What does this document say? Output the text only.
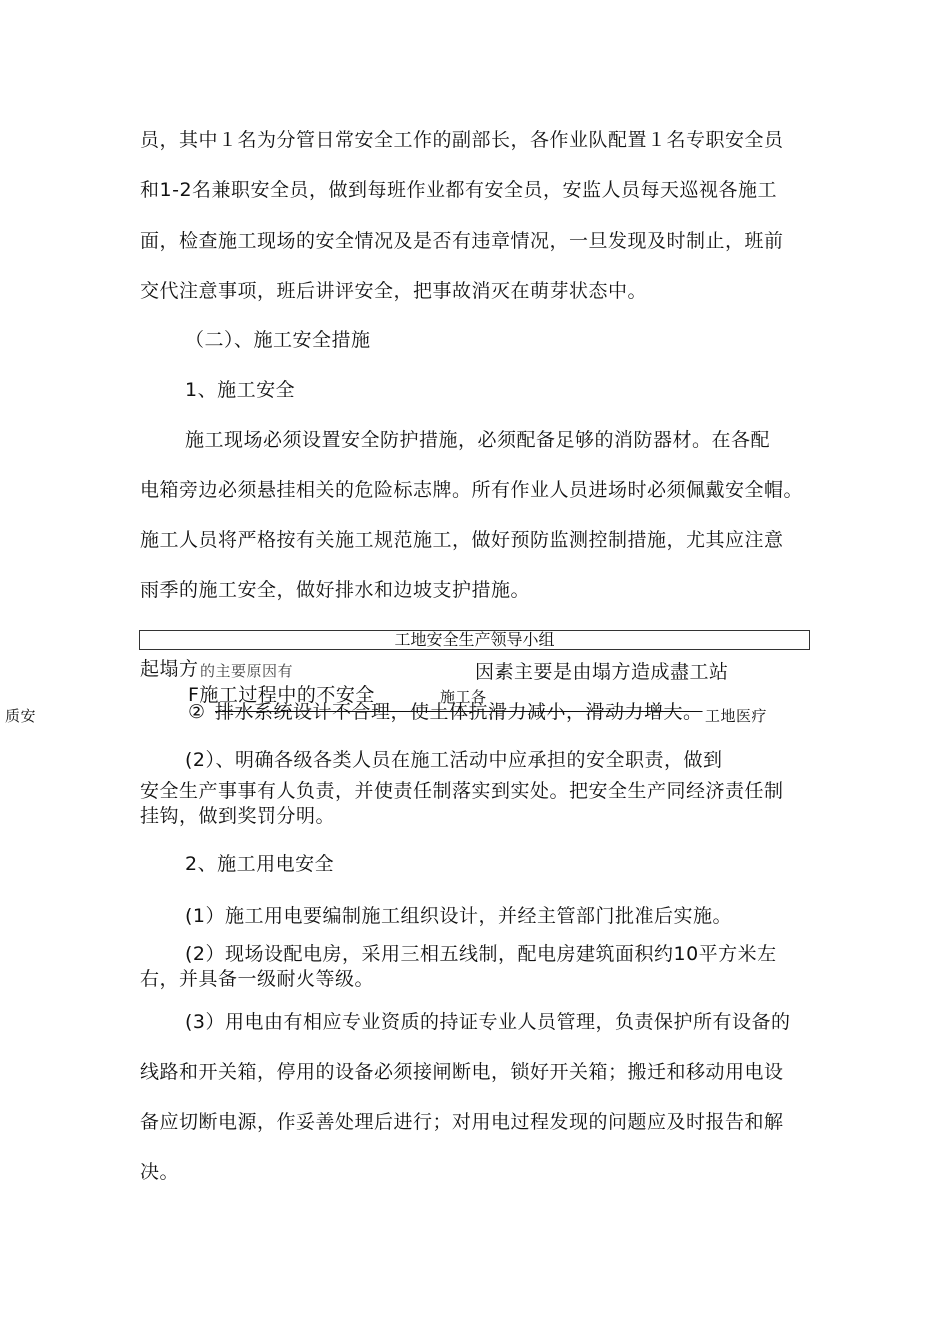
员，其中１名为分管日常安全工作的副部长，各作业队配置１名专职安全员
和1-2名兼职安全员，做到每班作业都有安全员，安监人员每天巡视各施工
面，检查施工现场的安全情况及是否有违章情况，一旦发现及时制止，班前
交代注意事项，班后讲评安全，把事故消灭在萌芽状态中。
（二）、施工安全措施
1、施工安全
施工现场必须设置安全防护措施，必须配备足够的消防器材。在各配
电箱旁边必须悬挂相关的危险标志牌。所有作业人员进场时必须佩戴安全帽。
施工人员将严格按有关施工规范施工，做好预防监测控制措施，尤其应注意
雨季的施工安全，做好排水和边坡支护措施。
工地安全生产领导小组
起塌方 的主要原因有	因素主要是由塌方造成盡工站
F施工过程中的不安全	施工各
质安	② 排水系统设计不合理，使土体抗滑力减小，滑动力增大。 工地医疗
(2）、明确各级各类人员在施工活动中应承担的安全职责，做到
安全生产事事有人负责，并使责任制落实到实处。把安全生产同经济责任制
挂钩，做到奖罚分明。
2、施工用电安全
(1）施工用电要编制施工组织设计，并经主管部门批准后实施。
(2）现场设配电房，采用三相五线制，配电房建筑面积约10平方米左
右，并具备一级耐火等级。
(3）用电由有相应专业资质的持证专业人员管理，负责保护所有设备的
线路和开关箱，停用的设备必须接闸断电，锁好开关箱；搬迁和移动用电设
备应切断电源，作妥善处理后进行；对用电过程发现的问题应及时报告和解
决。
